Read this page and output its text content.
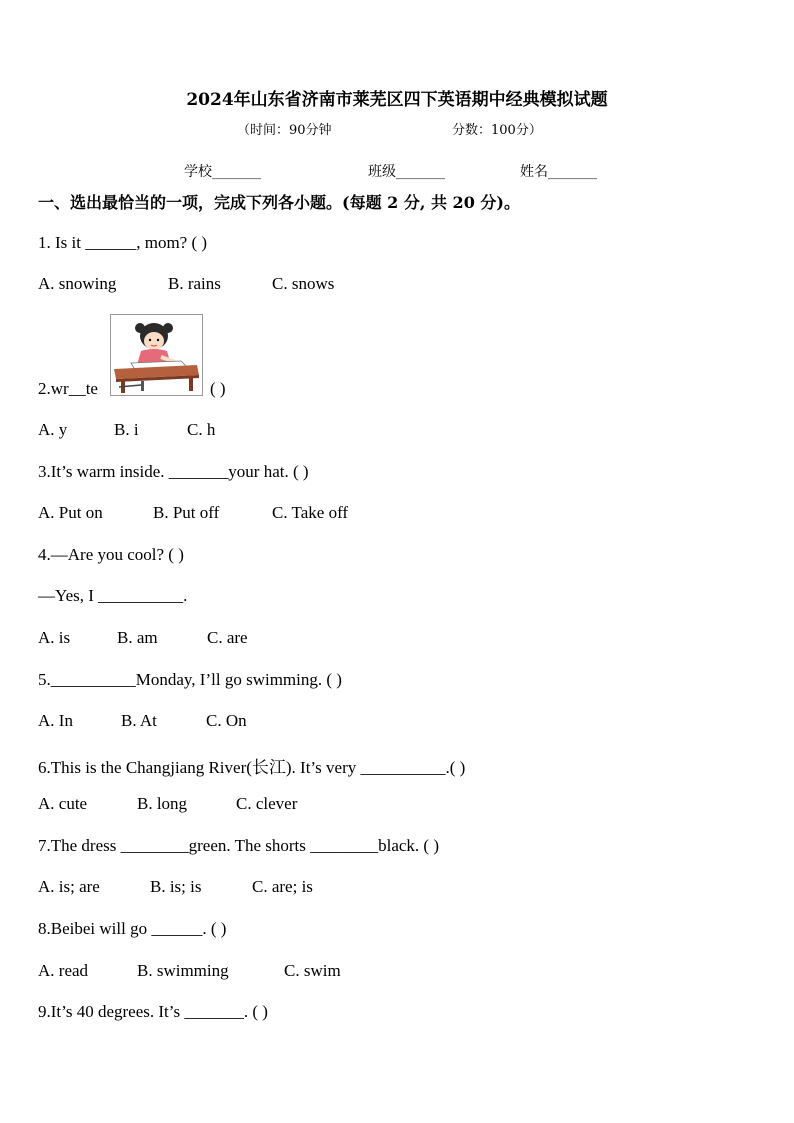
2024年山东省济南市莱芜区四下英语期中经典模拟试题
（时间：90分钟	分数：100分）
学校_______	班级_______	姓名_______
一、选出最恰当的一项，完成下列各小题。(每题 2 分, 共 20 分)。
1. Is it ______, mom? ( )
A. snowing	B. rains	C. snows
2.wr__te	( )
A. y	B. i	C. h
3.It’s warm inside. _______your hat. ( )
A. Put on	B. Put off	C. Take off
4.—Are you cool? ( )
—Yes, I __________.
A. is	B. am	C. are
5.__________Monday, I’ll go swimming. ( )
A. In	B. At	C. On
6.This is the Changjiang River(长江). It’s very __________.( )
A. cute	B. long	C. clever
7.The dress ________green. The shorts ________black. ( )
A. is; are	B. is; is	C. are; is
8.Beibei will go ______. ( )
A. read	B. swimming	C. swim
9.It’s 40 degrees. It’s _______. ( )
